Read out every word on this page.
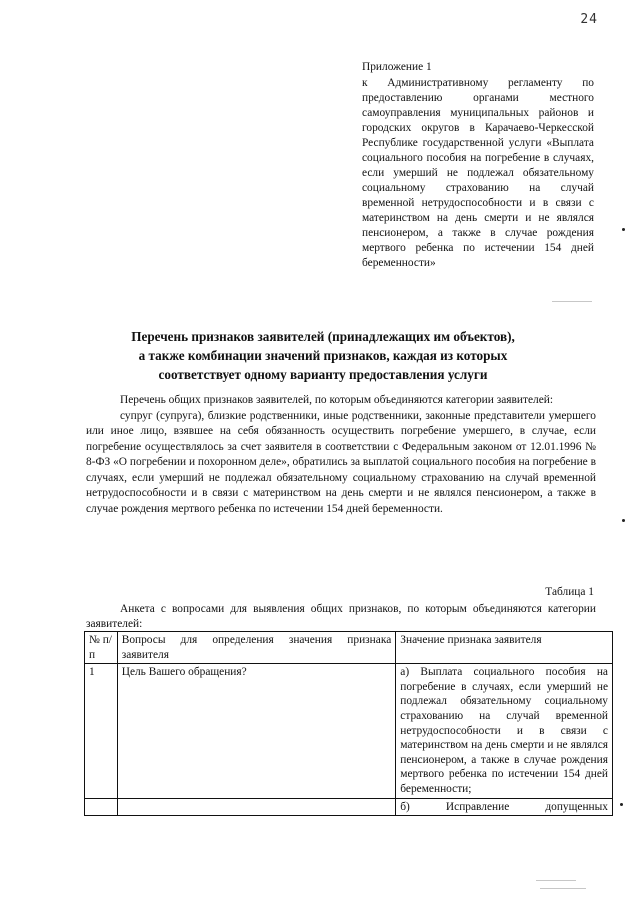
24
Приложение 1
к Административному регламенту по предоставлению органами местного самоуправления муниципальных районов и городских округов в Карачаево-Черкесской Республике государственной услуги «Выплата социального пособия на погребение в случаях, если умерший не подлежал обязательному социальному страхованию на случай временной нетрудоспособности и в связи с материнством на день смерти и не являлся пенсионером, а также в случае рождения мертвого ребенка по истечении 154 дней беременности»
Перечень признаков заявителей (принадлежащих им объектов),
а также комбинации значений признаков, каждая из которых
соответствует одному варианту предоставления услуги

Перечень общих признаков заявителей, по которым объединяются категории заявителей:

супруг (супруга), близкие родственники, иные родственники, законные представители умершего или иное лицо, взявшее на себя обязанность осуществить погребение умершего, в случае, если погребение осуществлялось за счет заявителя в соответствии с Федеральным законом от 12.01.1996 № 8-ФЗ «О погребении и похоронном деле», обратились за выплатой социального пособия на погребение в случаях, если умерший не подлежал обязательному социальному страхованию на случай временной нетрудоспособности и в связи с материнством на день смерти и не являлся пенсионером, а также в случае рождения мертвого ребенка по истечении 154 дней беременности.

Таблица 1
Анкета с вопросами для выявления общих признаков, по которым объединяются категории заявителей:
№ п/п	Вопросы для определения значения признака заявителя	Значение признака заявителя
1	Цель Вашего обращения?	а) Выплата социального пособия на погребение в случаях, если умерший не подлежал обязательному социальному страхованию на случай временной нетрудоспособности и в связи с материнством на день смерти и не являлся пенсионером, а также в случае рождения мертвого ребенка по истечении 154 дней беременности;

		б) Исправление допущенных
